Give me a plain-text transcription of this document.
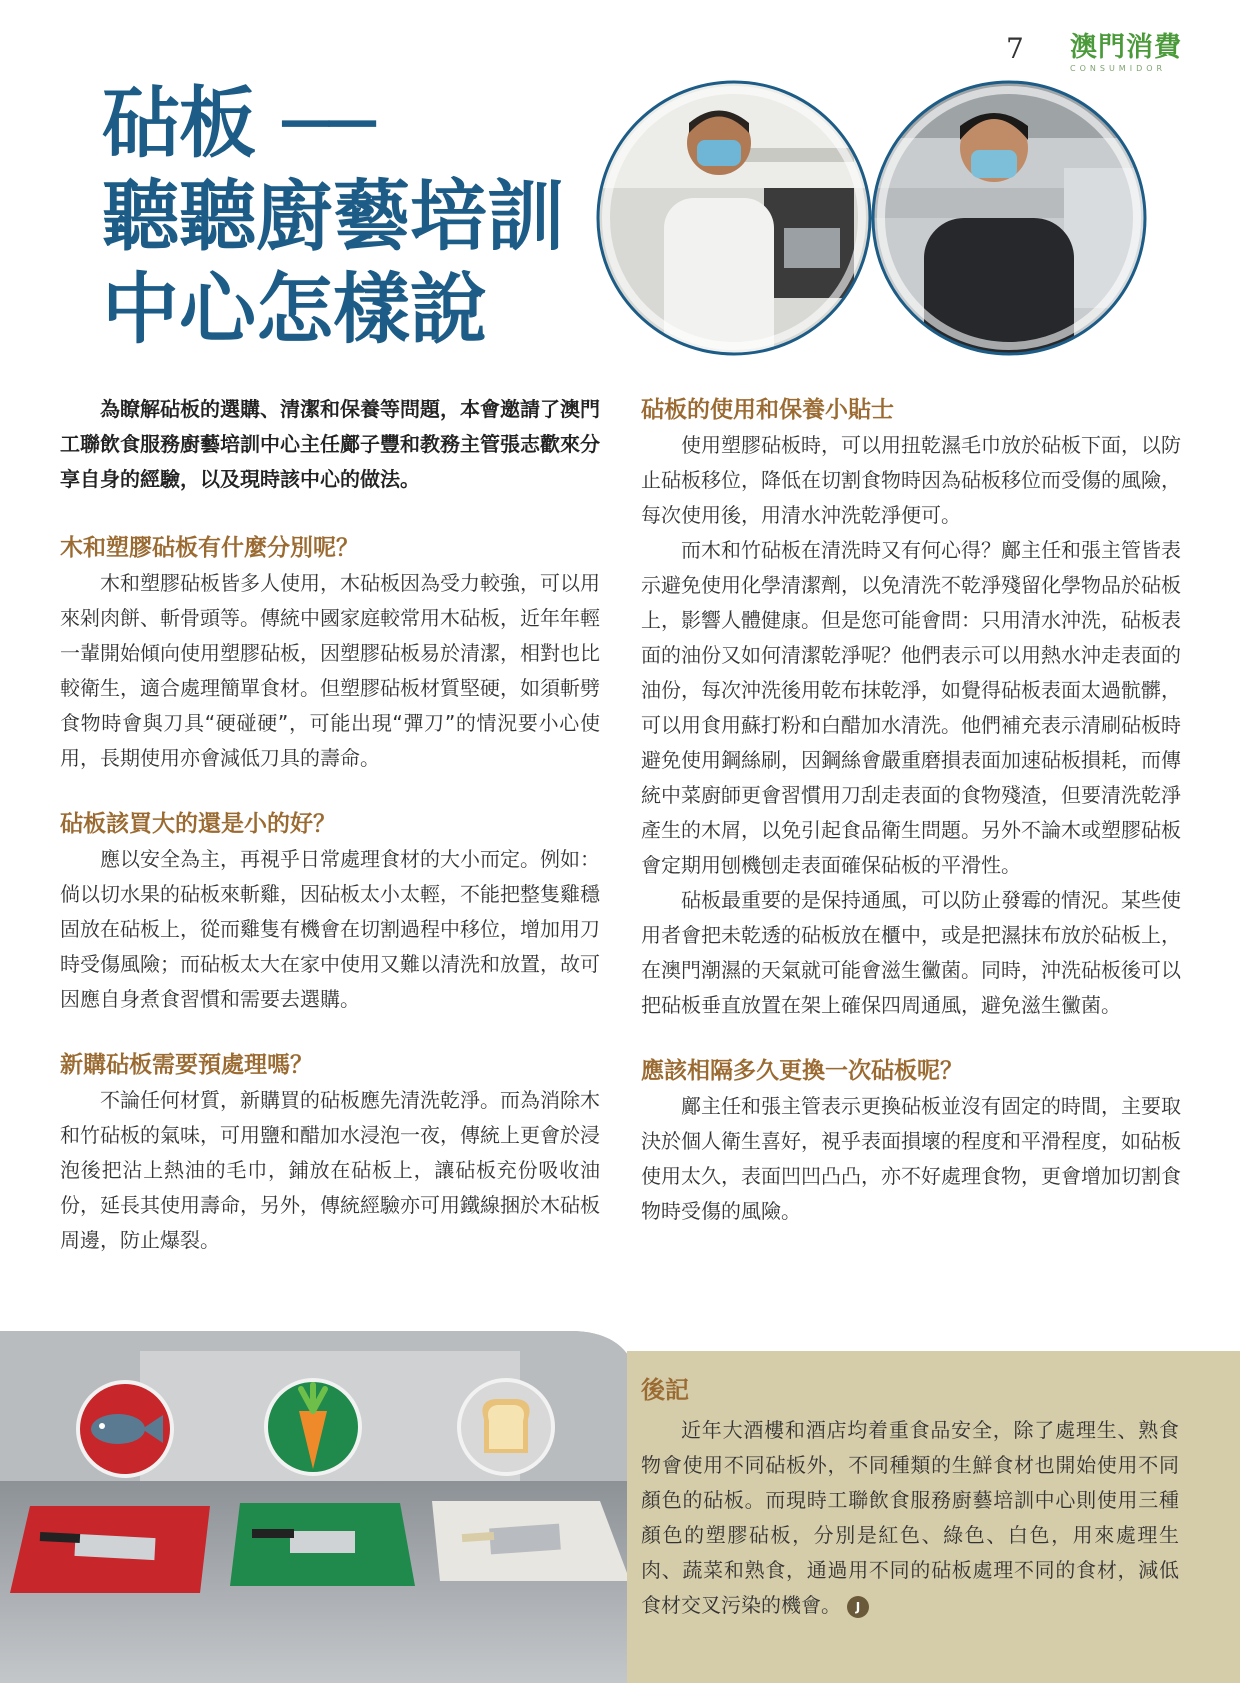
7 澳門消費
CONSUMIDOR
砧板 ──
聽聽廚藝培訓
中心怎樣說

為瞭解砧板的選購、清潔和保養等問題，本會邀請了澳門工聯飲食服務廚藝培訓中心主任鄺子豐和教務主管張志歡來分享自身的經驗，以及現時該中心的做法。

木和塑膠砧板有什麼分別呢？

木和塑膠砧板皆多人使用，木砧板因為受力較強，可以用來剁肉餅、斬骨頭等。傳統中國家庭較常用木砧板，近年年輕一輩開始傾向使用塑膠砧板，因塑膠砧板易於清潔，相對也比較衛生，適合處理簡單食材。但塑膠砧板材質堅硬，如須斬劈食物時會與刀具“硬碰硬”，可能出現“彈刀”的情況要小心使用，長期使用亦會減低刀具的壽命。

砧板該買大的還是小的好？

應以安全為主，再視乎日常處理食材的大小而定。例如：倘以切水果的砧板來斬雞，因砧板太小太輕，不能把整隻雞穩固放在砧板上，從而雞隻有機會在切割過程中移位，增加用刀時受傷風險；而砧板太大在家中使用又難以清洗和放置，故可因應自身煮食習慣和需要去選購。

新購砧板需要預處理嗎？

不論任何材質，新購買的砧板應先清洗乾淨。而為消除木和竹砧板的氣味，可用鹽和醋加水浸泡一夜，傳統上更會於浸泡後把沾上熱油的毛巾，鋪放在砧板上，讓砧板充份吸收油份，延長其使用壽命，另外，傳統經驗亦可用鐵線捆於木砧板周邊，防止爆裂。

砧板的使用和保養小貼士

使用塑膠砧板時，可以用扭乾濕毛巾放於砧板下面，以防止砧板移位，降低在切割食物時因為砧板移位而受傷的風險，每次使用後，用清水沖洗乾淨便可。

而木和竹砧板在清洗時又有何心得？鄺主任和張主管皆表示避免使用化學清潔劑，以免清洗不乾淨殘留化學物品於砧板上，影響人體健康。但是您可能會問：只用清水沖洗，砧板表面的油份又如何清潔乾淨呢？他們表示可以用熱水沖走表面的油份，每次沖洗後用乾布抹乾淨，如覺得砧板表面太過骯髒，可以用食用蘇打粉和白醋加水清洗。他們補充表示清刷砧板時避免使用鋼絲刷，因鋼絲會嚴重磨損表面加速砧板損耗，而傳統中菜廚師更會習慣用刀刮走表面的食物殘渣，但要清洗乾淨產生的木屑，以免引起食品衛生問題。另外不論木或塑膠砧板會定期用刨機刨走表面確保砧板的平滑性。

砧板最重要的是保持通風，可以防止發霉的情況。某些使用者會把未乾透的砧板放在櫃中，或是把濕抹布放於砧板上，在澳門潮濕的天氣就可能會滋生黴菌。同時，沖洗砧板後可以把砧板垂直放置在架上確保四周通風，避免滋生黴菌。

應該相隔多久更換一次砧板呢？

鄺主任和張主管表示更換砧板並沒有固定的時間，主要取決於個人衛生喜好，視乎表面損壞的程度和平滑程度，如砧板使用太久，表面凹凹凸凸，亦不好處理食物，更會增加切割食物時受傷的風險。

後記

近年大酒樓和酒店均着重食品安全，除了處理生、熟食物會使用不同砧板外，不同種類的生鮮食材也開始使用不同顏色的砧板。而現時工聯飲食服務廚藝培訓中心則使用三種顏色的塑膠砧板，分別是紅色、綠色、白色，用來處理生肉、蔬菜和熟食，通過用不同的砧板處理不同的食材，減低食材交叉污染的機會。 J
